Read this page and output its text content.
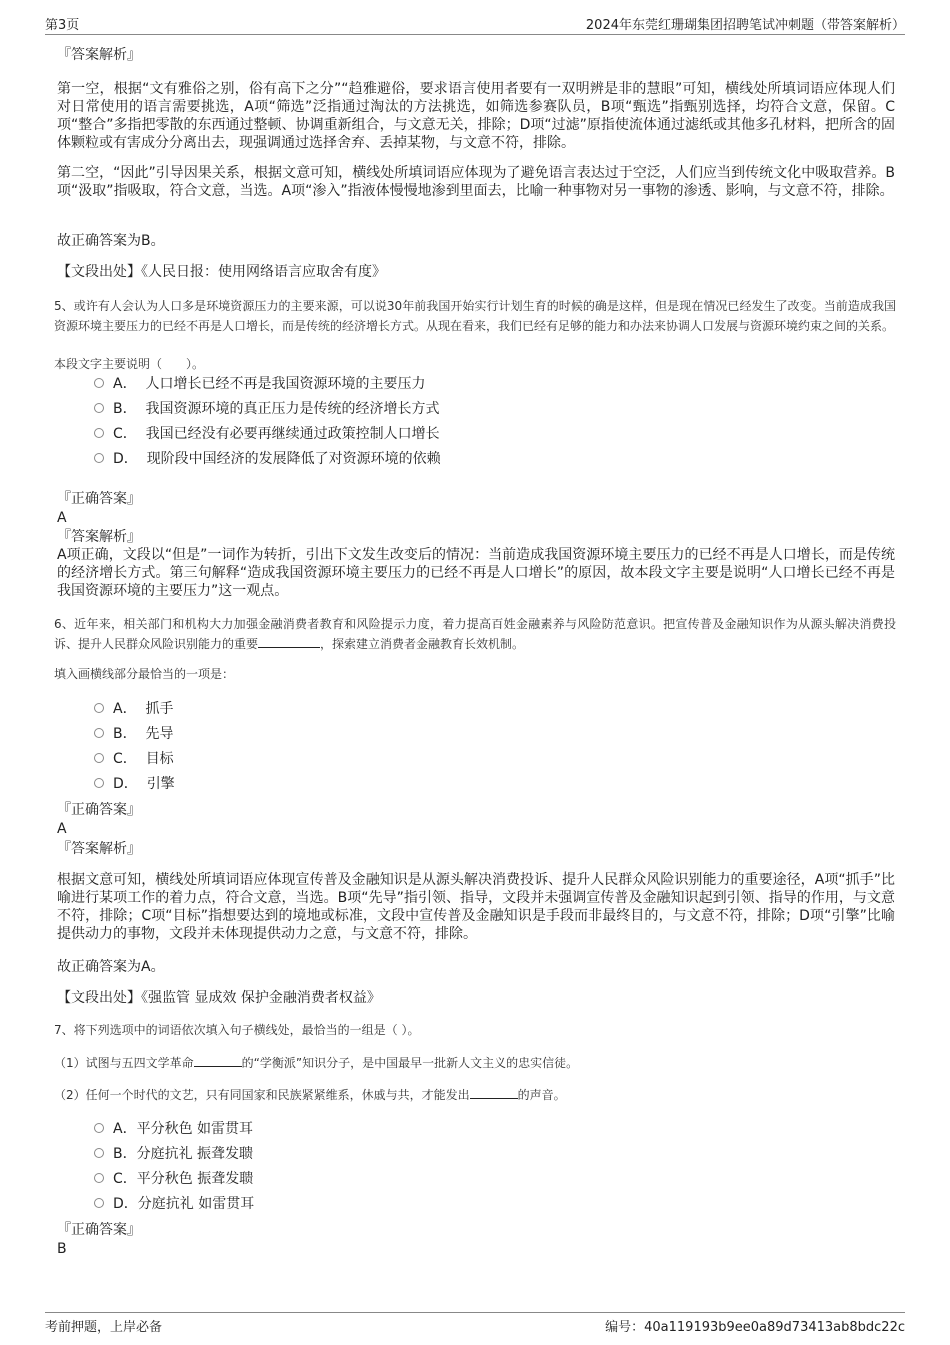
第3页	2024年东莞红珊瑚集团招聘笔试冲刺题（带答案解析）

『答案解析』

第一空，根据“文有雅俗之别，俗有高下之分”“趋雅避俗，要求语言使用者要有一双明辨是非的慧眼”可知，横线处所填词语应体现人们对日常使用的语言需要挑选，A项“筛选”泛指通过淘汰的方法挑选，如筛选参赛队员，B项“甄选”指甄别选择，均符合文意，保留。C项“整合”多指把零散的东西通过整顿、协调重新组合，与文意无关，排除；D项“过滤”原指使流体通过滤纸或其他多孔材料，把所含的固体颗粒或有害成分分离出去，现强调通过选择舍弃、丢掉某物，与文意不符，排除。

第二空，“因此”引导因果关系，根据文意可知，横线处所填词语应体现为了避免语言表达过于空泛，人们应当到传统文化中吸取营养。B项“汲取”指吸取，符合文意，当选。A项“渗入”指液体慢慢地渗到里面去，比喻一种事物对另一事物的渗透、影响，与文意不符，排除。

故正确答案为B。

【文段出处】《人民日报：使用网络语言应取舍有度》

5、或许有人会认为人口多是环境资源压力的主要来源，可以说30年前我国开始实行计划生育的时候的确是这样，但是现在情况已经发生了改变。当前造成我国资源环境主要压力的已经不再是人口增长，而是传统的经济增长方式。从现在看来，我们已经有足够的能力和办法来协调人口发展与资源环境约束之间的关系。

本段文字主要说明（　　）。

A． 人口增长已经不再是我国资源环境的主要压力
B． 我国资源环境的真正压力是传统的经济增长方式
C． 我国已经没有必要再继续通过政策控制人口增长
D． 现阶段中国经济的发展降低了对资源环境的依赖

『正确答案』

A

『答案解析』

A项正确，文段以“但是”一词作为转折，引出下文发生改变后的情况：当前造成我国资源环境主要压力的已经不再是人口增长，而是传统的经济增长方式。第三句解释“造成我国资源环境主要压力的已经不再是人口增长”的原因，故本段文字主要是说明“人口增长已经不再是我国资源环境的主要压力”这一观点。

6、近年来，相关部门和机构大力加强金融消费者教育和风险提示力度，着力提高百姓金融素养与风险防范意识。把宣传普及金融知识作为从源头解决消费投诉、提升人民群众风险识别能力的重要	，探索建立消费者金融教育长效机制。

填入画横线部分最恰当的一项是：

A． 抓手
B． 先导
C． 目标
D． 引擎

『正确答案』

A

『答案解析』

根据文意可知，横线处所填词语应体现宣传普及金融知识是从源头解决消费投诉、提升人民群众风险识别能力的重要途径，A项“抓手”比喻进行某项工作的着力点，符合文意，当选。B项“先导”指引领、指导，文段并未强调宣传普及金融知识起到引领、指导的作用，与文意不符，排除；C项“目标”指想要达到的境地或标准，文段中宣传普及金融知识是手段而非最终目的，与文意不符，排除；D项“引擎”比喻提供动力的事物，文段并未体现提供动力之意，与文意不符，排除。

故正确答案为A。

【文段出处】《强监管 显成效 保护金融消费者权益》

7、将下列选项中的词语依次填入句子横线处，最恰当的一组是（ ）。

（1）试图与五四文学革命	的“学衡派”知识分子，是中国最早一批新人文主义的忠实信徒。

（2）任何一个时代的文艺，只有同国家和民族紧紧维系，休戚与共，才能发出	的声音。

A．平分秋色 如雷贯耳
B．分庭抗礼 振聋发聩
C．平分秋色 振聋发聩
D．分庭抗礼 如雷贯耳

『正确答案』

B

考前押题，上岸必备	编号：40a119193b9ee0a89d73413ab8bdc22c
